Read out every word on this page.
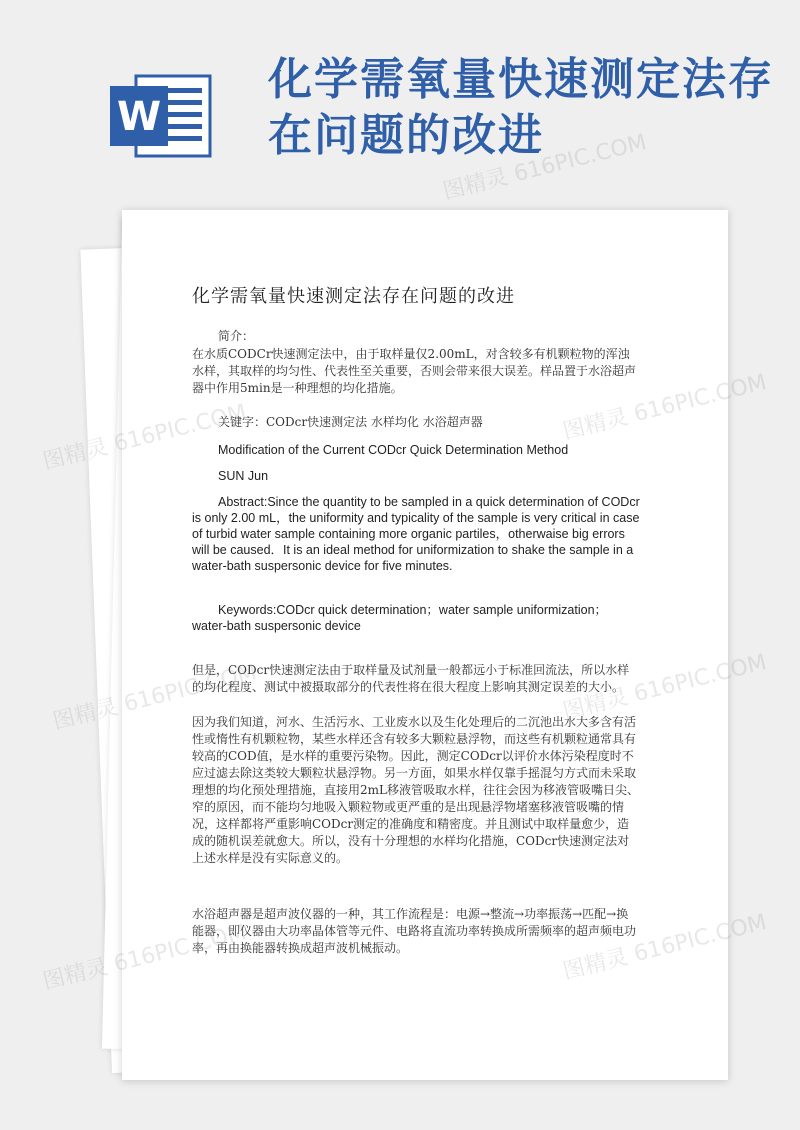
W
化学需氧量快速测定法存在问题的改进
化学需氧量快速测定法存在问题的改进

简介：

在水质CODCr快速测定法中，由于取样量仅2.00mL，对含较多有机颗粒物的浑浊水样，其取样的均匀性、代表性至关重要，否则会带来很大误差。样品置于水浴超声器中作用5min是一种理想的均化措施。

关键字：CODcr快速测定法 水样均化 水浴超声器

Modification of the Current CODcr Quick Determination Method

SUN Jun

Abstract:Since the quantity to be sampled in a quick determination of CODcr is only 2.00 mL，the uniformity and typicality of the sample is very critical in case of turbid water sample containing more organic partiles，otherwaise big errors will be caused．It is an ideal method for uniformization to shake the sample in a water-bath suspersonic device for five minutes.

Keywords:CODcr quick determination；water sample uniformization；water-bath suspersonic device

但是，CODcr快速测定法由于取样量及试剂量一般都远小于标准回流法，所以水样的均化程度、测试中被摄取部分的代表性将在很大程度上影响其测定误差的大小。

因为我们知道，河水、生活污水、工业废水以及生化处理后的二沉池出水大多含有活性或惰性有机颗粒物，某些水样还含有较多大颗粒悬浮物，而这些有机颗粒通常具有较高的COD值，是水样的重要污染物。因此，测定CODcr以评价水体污染程度时不应过滤去除这类较大颗粒状悬浮物。另一方面，如果水样仅靠手摇混匀方式而未采取理想的均化预处理措施，直接用2mL移液管吸取水样，往往会因为移液管吸嘴日尖、窄的原因，而不能均匀地吸入颗粒物或更严重的是出现悬浮物堵塞移液管吸嘴的情况，这样都将严重影响CODcr测定的准确度和精密度。并且测试中取样量愈少，造成的随机误差就愈大。所以，没有十分理想的水样均化措施，CODcr快速测定法对上述水样是没有实际意义的。

水浴超声器是超声波仪器的一种，其工作流程是：电源→整流→功率振荡→匹配→换能器，即仪器由大功率晶体管等元件、电路将直流功率转换成所需频率的超声频电功率，再由换能器转换成超声波机械振动。

图精灵 616PIC.COM
图精灵 616PIC.COM	图精灵 616PIC.COM
图精灵 616PIC.COM	图精灵 616PIC.COM
图精灵 616PIC.COM	图精灵 616PIC.COM
